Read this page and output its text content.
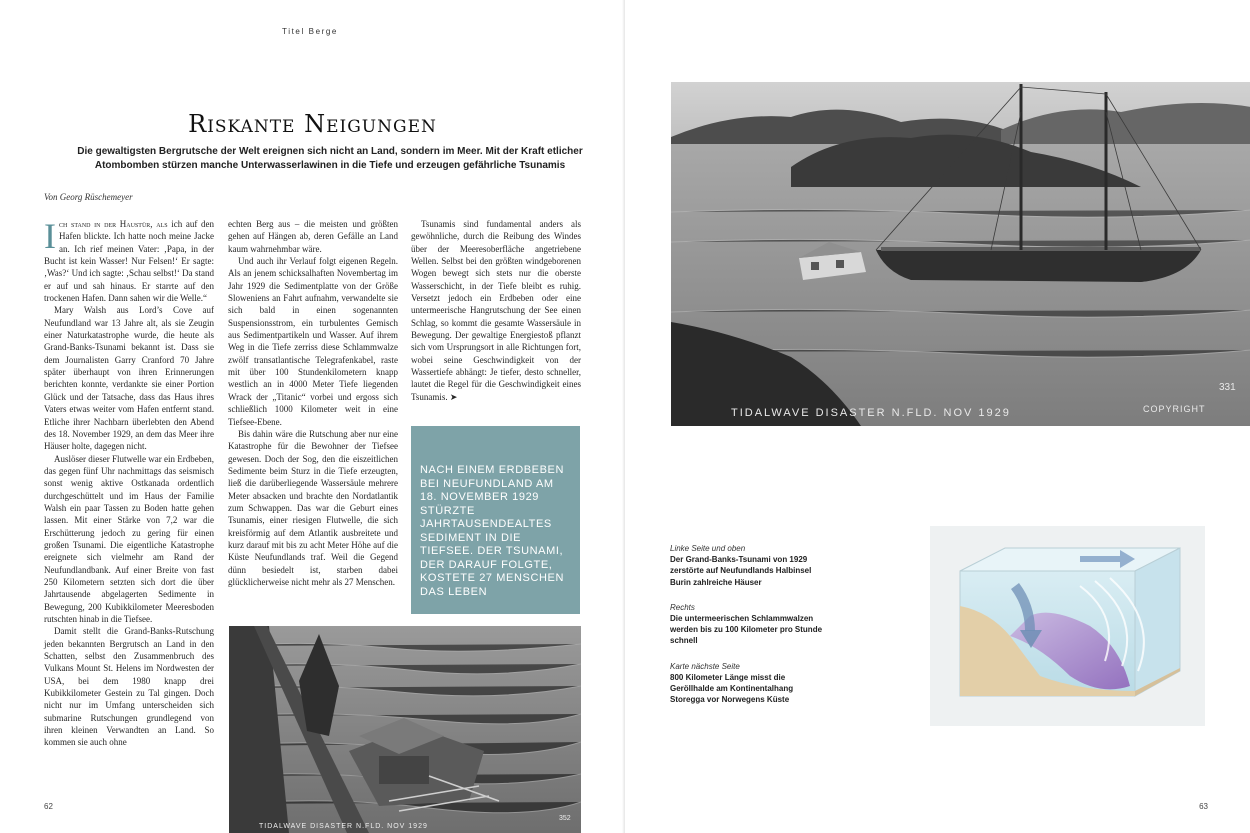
Titel Berge
Riskante Neigungen
Die gewaltigsten Bergrutsche der Welt ereignen sich nicht an Land, sondern im Meer. Mit der Kraft etlicher Atombomben stürzen manche Unterwasserlawinen in die Tiefe und erzeugen gefährliche Tsunamis
Von Georg Rüschemeyer

Ich stand in der Haustür, als ich auf den Hafen blickte. Ich hatte noch meine Jacke an. Ich rief meinen Vater: ‚Papa, in der Bucht ist kein Wasser! Nur Felsen!‘ Er sagte: ‚Was?‘ Und ich sagte: ‚Schau selbst!‘ Da stand er auf und sah hinaus. Er starrte auf den trockenen Hafen. Dann sahen wir die Welle.“

Mary Walsh aus Lord’s Cove auf Neufundland war 13 Jahre alt, als sie Zeugin einer Naturkatastrophe wurde, die heute als Grand-Banks-Tsunami bekannt ist. Dass sie dem Journalisten Garry Cranford 70 Jahre später überhaupt von ihren Erinnerungen berichten konnte, verdankte sie einer Portion Glück und der Tatsache, dass das Haus ihres Vaters etwas weiter vom Hafen entfernt stand. Etliche ihrer Nachbarn überlebten den Abend des 18. November 1929, an dem das Meer ihre Häuser holte, dagegen nicht.

Auslöser dieser Flutwelle war ein Erdbeben, das gegen fünf Uhr nachmittags das seismisch sonst wenig aktive Ostkanada ordentlich durchgeschüttelt und im Haus der Familie Walsh ein paar Tassen zu Boden hatte gehen lassen. Mit einer Stärke von 7,2 war die Erschütterung jedoch zu gering für einen großen Tsunami. Die eigentliche Katastrophe ereignete sich vielmehr am Rand der Neufundlandbank. Auf einer Breite von fast 250 Kilometern setzten sich dort die über Jahrtausende abgelagerten Sedimente in Bewegung, 200 Kubikkilometer Meeresboden rutschten hinab in die Tiefsee.

Damit stellt die Grand-Banks-Rutschung jeden bekannten Bergrutsch an Land in den Schatten, selbst den Zusammenbruch des Vulkans Mount St. Helens im Nordwesten der USA, bei dem 1980 knapp drei Kubikkilometer Gestein zu Tal gingen. Doch nicht nur im Umfang unterscheiden sich submarine Rutschungen grundlegend von ihren kleinen Verwandten an Land. So kommen sie auch ohne

echten Berg aus – die meisten und größten gehen auf Hängen ab, deren Gefälle an Land kaum wahrnehmbar wäre.

Und auch ihr Verlauf folgt eigenen Regeln. Als an jenem schicksalhaften Novembertag im Jahr 1929 die Sedimentplatte von der Größe Sloweniens an Fahrt aufnahm, verwandelte sie sich bald in einen sogenannten Suspensionsstrom, ein turbulentes Gemisch aus Sedimentpartikeln und Wasser. Auf ihrem Weg in die Tiefe zerriss diese Schlammwalze zwölf transatlantische Telegrafenkabel, raste mit über 100 Stundenkilometern knapp westlich an in 4000 Meter Tiefe liegenden Wrack der „Titanic“ vorbei und ergoss sich schließlich 1000 Kilometer weit in eine Tiefsee-Ebene.

Bis dahin wäre die Rutschung aber nur eine Katastrophe für die Bewohner der Tiefsee gewesen. Doch der Sog, den die eiszeitlichen Sedimente beim Sturz in die Tiefe erzeugten, ließ die darüberliegende Wassersäule mehrere Meter absacken und brachte den Nordatlantik zum Schwappen. Das war die Geburt eines Tsunamis, einer riesigen Flutwelle, die sich kreisförmig auf dem Atlantik ausbreitete und kurz darauf mit bis zu acht Meter Höhe auf die Küste Neufundlands traf. Weil die Gegend dünn besiedelt ist, starben dabei glücklicherweise nicht mehr als 27 Menschen.

Tsunamis sind fundamental anders als gewöhnliche, durch die Reibung des Windes über der Meeresoberfläche angetriebene Wellen. Selbst bei den größten windgeborenen Wogen bewegt sich stets nur die oberste Wasserschicht, in der Tiefe bleibt es ruhig. Versetzt jedoch ein Erdbeben oder eine untermeerische Hangrutschung der See einen Schlag, so kommt die gesamte Wassersäule in Bewegung. Der gewaltige Energiestoß pflanzt sich vom Ursprungsort in alle Richtungen fort, wobei seine Geschwindigkeit von der Wassertiefe abhängt: Je tiefer, desto schneller, lautet die Regel für die Geschwindigkeit eines Tsunamis. ➤

NACH EINEM ERDBEBEN BEI NEUFUNDLAND AM 18. NOVEMBER 1929 STÜRZTE JAHRTAUSENDEALTES SEDIMENT IN DIE TIEFSEE. DER TSUNAMI, DER DARAUF FOLGTE, KOSTETE 27 MENSCHEN DAS LEBEN
TIDALWAVE DISASTER N.FLD. NOV 1929
352
62
TIDALWAVE DISASTER N.FLD. NOV 1929	COPYRIGHT
331
Linke Seite und oben
Der Grand-Banks-Tsunami von 1929 zerstörte auf Neufundlands Halbinsel Burin zahlreiche Häuser
Rechts
Die untermeerischen Schlammwalzen werden bis zu 100 Kilometer pro Stunde schnell
Karte nächste Seite
800 Kilometer Länge misst die Geröllhalde am Kontinentalhang Storegga vor Norwegens Küste
63
